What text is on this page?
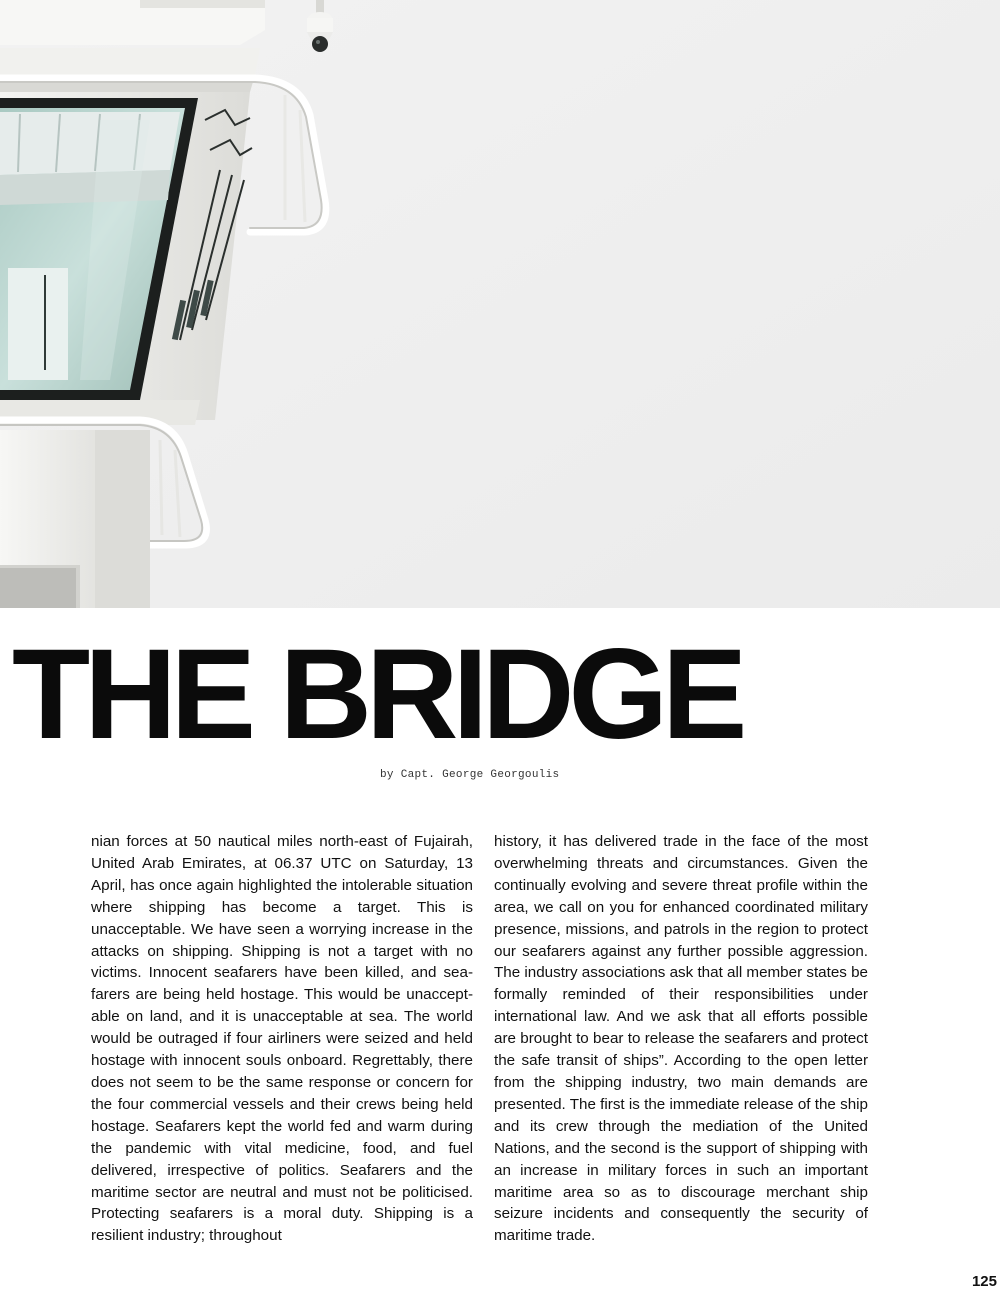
THE BRIDGE
by Capt. George Georgoulis

nian forces at 50 nautical miles north-east of Fujairah, United Arab Emirates, at 06.37 UTC on Saturday, 13 April, has once again highlighted the intolerable situation where shipping has become a target. This is unacceptable. We have seen a worrying increase in the attacks on shipping. Shipping is not a target with no victims. Innocent seafarers have been killed, and seafarers are being held hostage. This would be unacceptable on land, and it is unacceptable at sea. The world would be outraged if four airliners were seized and held hostage with innocent souls onboard. Regrettably, there does not seem to be the same response or concern for the four commercial vessels and their crews being held hostage. Seafarers kept the world fed and warm during the pandemic with vital medicine, food, and fuel delivered, irrespective of politics. Seafarers and the maritime sector are neutral and must not be politicised. Protecting seafarers is a moral duty. Shipping is a resilient industry; throughout

history, it has delivered trade in the face of the most overwhelming threats and circumstances. Given the continually evolving and severe threat profile within the area, we call on you for enhanced coordinated military presence, missions, and patrols in the region to protect our seafarers against any further possible aggression. The industry associations ask that all member states be formally reminded of their responsibilities under international law. And we ask that all efforts possible are brought to bear to release the seafarers and protect the safe transit of ships”. According to the open letter from the shipping industry, two main demands are presented. The first is the immediate release of the ship and its crew through the mediation of the United Nations, and the second is the support of shipping with an increase in military forces in such an important maritime area so as to discourage merchant ship seizure incidents and consequently the security of maritime trade.

125
